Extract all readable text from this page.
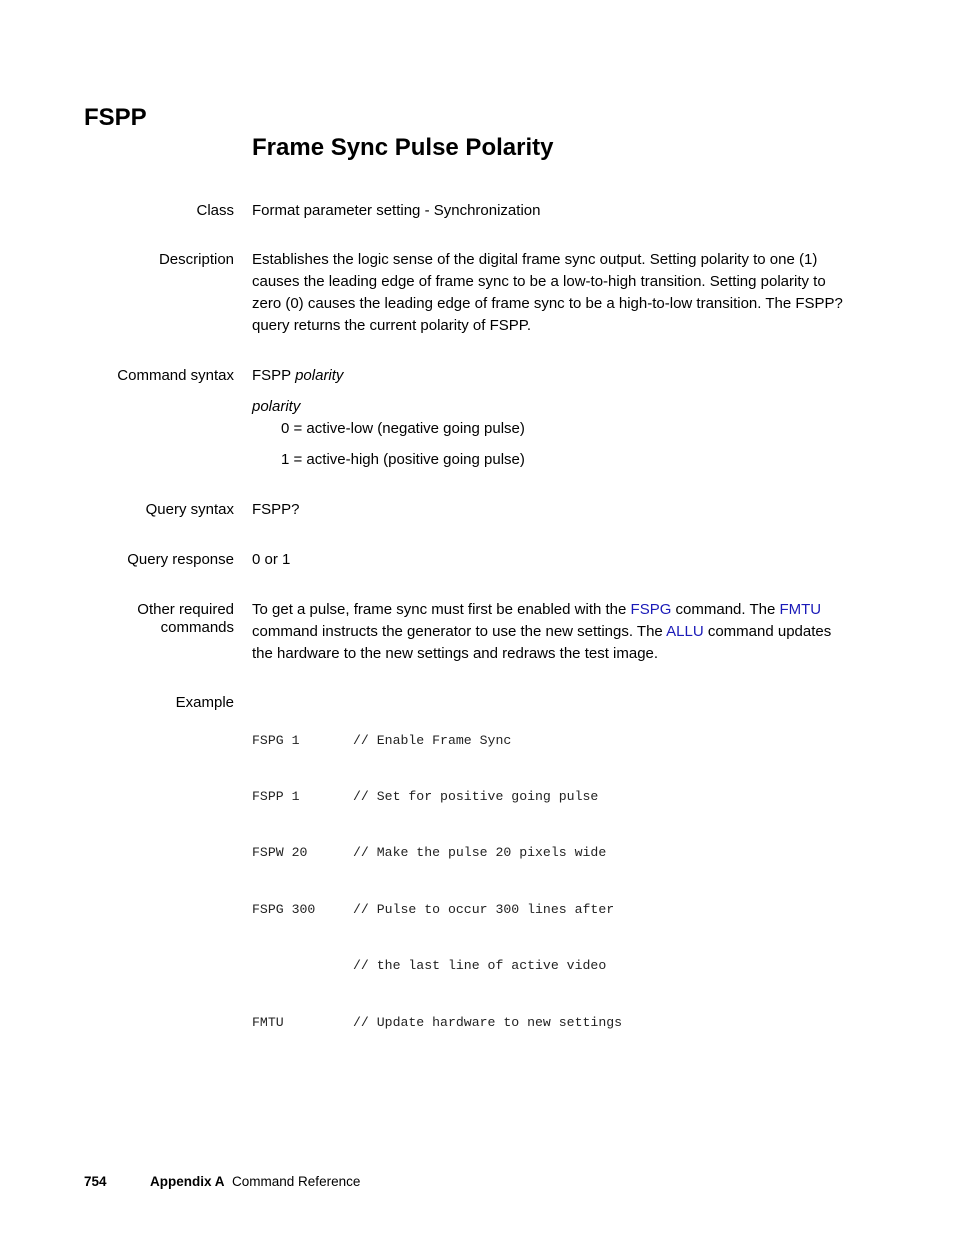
FSPP
Frame Sync Pulse Polarity
Class Format parameter setting - Synchronization
Description Establishes the logic sense of the digital frame sync output. Setting polarity to one (1)
causes the leading edge of frame sync to be a low-to-high transition. Setting polarity to
zero (0) causes the leading edge of frame sync to be a high-to-low transition. The FSPP?
query returns the current polarity of FSPP.
Command syntax FSPP polarity
polarity
0 = active-low (negative going pulse)
1 = active-high (positive going pulse)
Query syntax FSPP?
Query response 0 or 1
Other required
commands
To get a pulse, frame sync must first be enabled with the FSPG command. The FMTU
command instructs the generator to use the new settings. The ALLU command updates
the hardware to the new settings and redraws the test image.
Example

FSPG 1	// Enable Frame Sync

FSPP 1	// Set for positive going pulse

FSPW 20	// Make the pulse 20 pixels wide

FSPG 300	// Pulse to occur 300 lines after

// the last line of active video

FMTU	// Update hardware to new settings

754	Appendix A Command Reference
